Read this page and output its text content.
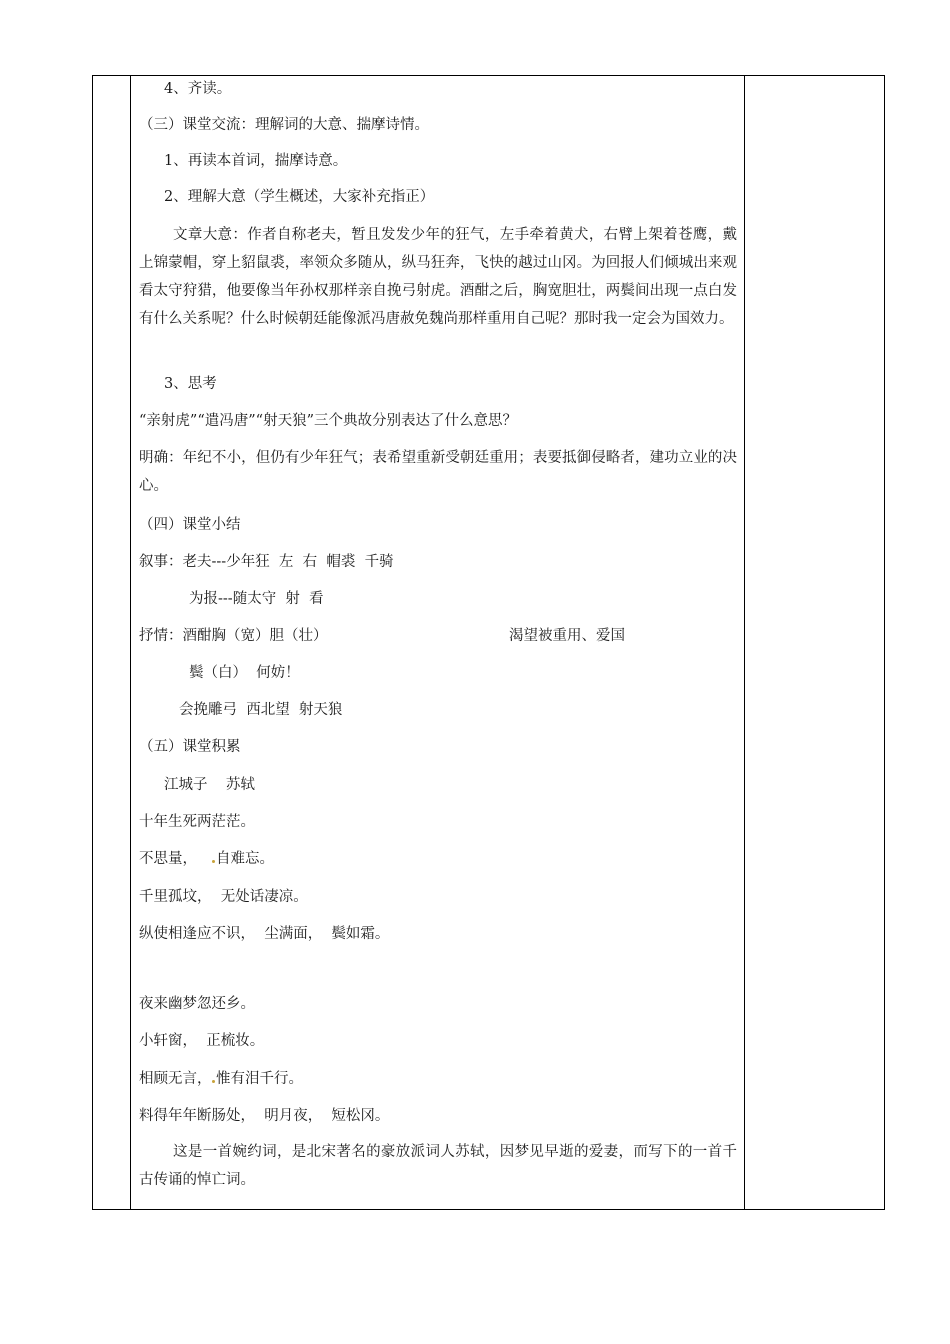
4、齐读。
（三）课堂交流：理解词的大意、揣摩诗情。
1、再读本首词，揣摩诗意。
2、理解大意（学生概述，大家补充指正）
文章大意：作者自称老夫，暂且发发少年的狂气，左手牵着黄犬，右臂上架着苍鹰，戴上锦蒙帽，穿上貂鼠裘，率领众多随从，纵马狂奔，飞快的越过山冈。为回报人们倾城出来观看太守狩猎，他要像当年孙权那样亲自挽弓射虎。酒酣之后，胸宽胆壮，两鬓间出现一点白发有什么关系呢？什么时候朝廷能像派冯唐赦免魏尚那样重用自己呢？那时我一定会为国效力。
3、思考
“亲射虎”“遣冯唐”“射天狼”三个典故分别表达了什么意思？
明确：年纪不小，但仍有少年狂气；表希望重新受朝廷重用；表要抵御侵略者，建功立业的决心。
（四）课堂小结
叙事：老夫---少年狂  左  右  帽裘  千骑
为报---随太守  射  看
抒情：酒酣胸（宽）胆（壮）	渴望被重用、爱国
鬓（白）  何妨！
会挽雕弓  西北望  射天狼
（五）课堂积累
江城子    苏轼
十年生死两茫茫。
不思量，	自难忘。
千里孤坟，  无处话凄凉。
纵使相逢应不识，  尘满面，  鬓如霜。
夜来幽梦忽还乡。
小轩窗，  正梳妆。
相顾无言， 惟有泪千行。
料得年年断肠处，  明月夜，  短松冈。
这是一首婉约词，是北宋著名的豪放派词人苏轼，因梦见早逝的爱妻，而写下的一首千古传诵的悼亡词。
